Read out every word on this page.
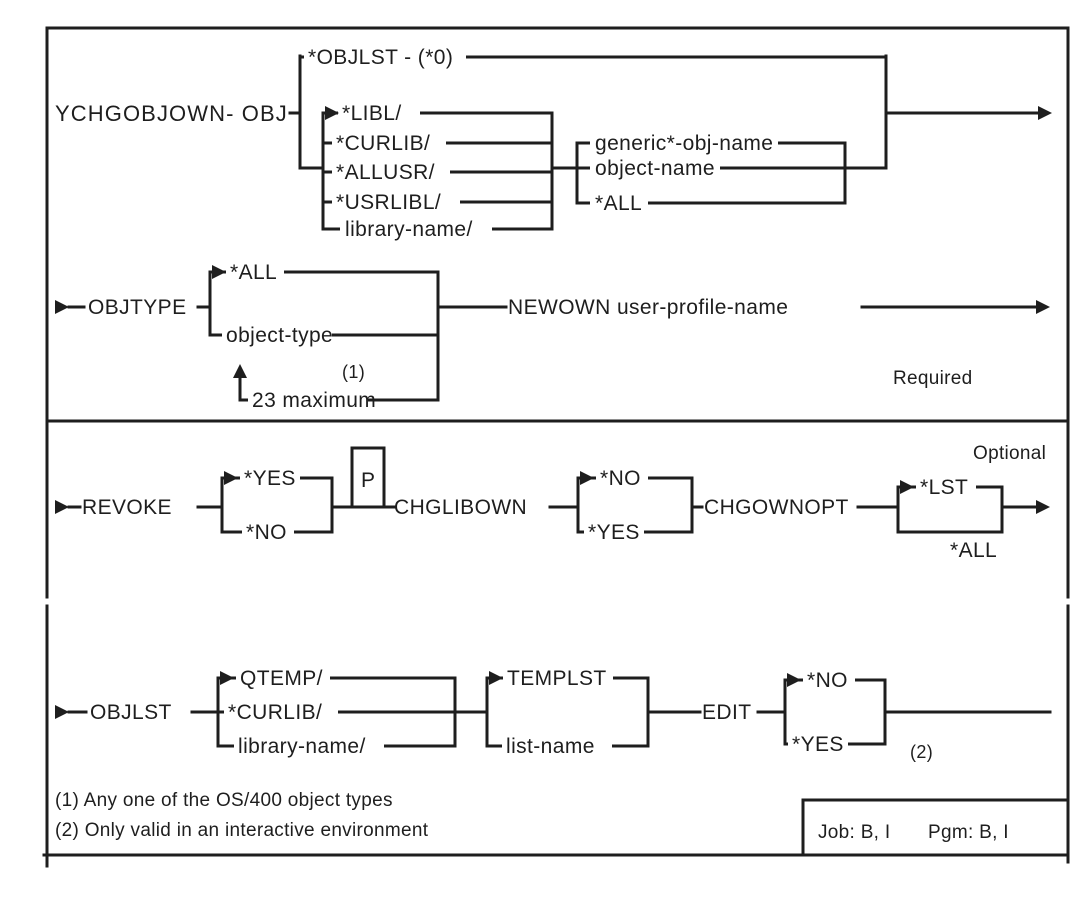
YCHGOBJOWN- OBJ
*OBJLST - (*0)
*LIBL/
*CURLIB/
*ALLUSR/
*USRLIBL/
library-name/
generic*-obj-name
object-name
*ALL
OBJTYPE
*ALL
object-type
(1)
23 maximum
NEWOWN user-profile-name
Required
REVOKE
*YES
*NO
P
CHGLIBOWN
*NO
*YES
CHGOWNOPT
*LST
*ALL
Optional
OBJLST
QTEMP/
*CURLIB/
library-name/
TEMPLST
list-name
EDIT
*NO
*YES	(2)
(1) Any one of the OS/400 object types
(2) Only valid in an interactive environment	Job: B, I Pgm: B, I
